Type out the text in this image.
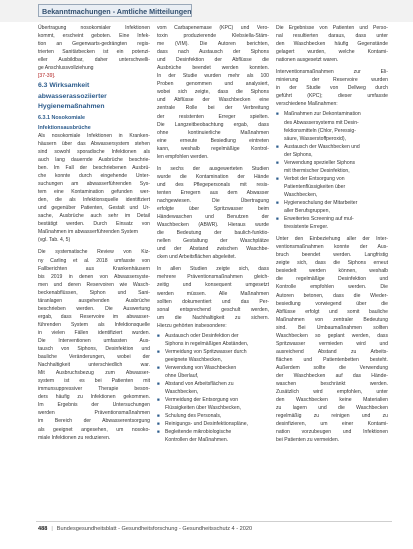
Bekanntmachungen - Amtliche Mitteilungen

Übertragung nosokomialer Infektionen

kommt, erscheint geboten. Eine Infek-

tion an Gegenwarts-gedrängten regis-

trierten Sanitärbecken ist ein potenzi-

eller Ausbildbar, daher unterschwelli-

ge Anschlussvollziehung

[37-39].

6.3 Wirksamkeit
abwasserassoziierter
Hygienemaßnahmen
6.3.1 Nosokomiale
Infektionsausbrüche

Als nosokomiale Infektionen in Kranken-

häusern über das Abwassersystem stehen

sind sowohl sporadische Infektionen als

auch lang dauernde Ausbrüche beschrie-

ben. Im Fall der beschriebenen Ausbrü-

che konnte durch eingehende Unter-

suchungen am abwasserführenden Sys-

tem eine Kontamination gefunden wer-

den, die als Infektionsquelle identifiziert

und gegenüber Patienten, Gestalt und Ur-

sache, Ausbrüche auch sehr im Detail

bestätigt werden. Durch Einsatz von

Maßnahmen im abwasserführenden System

(vgl. Tab. 4, 5)

Die systematische Review von Kiz-

ny Carling et al. 2018 umfasste von

Fallberichten aus Krankenhäusern

bis 2019 in denen von Abwassersyste-

men und deren Reservoiren wie Wasch-

beckenabflüssen, Siphon und Sani-

täranlagen ausgehenden Ausbrüche

beschrieben werden. Die Auswertung

ergab, dass Reservoire im abwasser-

führenden System als Infektionsquelle

in vielen Fällen identifiziert wurden.

Die Interventionen umfassten Aus-

tausch von Siphons, Desinfektion und

bauliche Veränderungen, wobei der

Nachhaltigkeit unterschiedlich war.

Mit Ausbruchsbezug zum Abwasser-

system ist es bei Patienten mit

immunsuppressiver Therapie beson-

ders häufig zu Infektionen gekommen.

Im Ergebnis der Untersuchungen

werden Präventionsmaßnahmen

im Bereich der Abwasserentsorgung

als geeignet angesehen, um nosoko-

miale Infektionen zu reduzieren.

vom Carbapenemase (KPC) und Vero-

toxin produzierende Klebsiella-Stäm-

me (VIM). Die Autoren berichten,

dass nach Austausch der Siphons

und Desinfektion der Abflüsse die

Ausbrüche beendet werden konnten.

In der Studie wurden mehr als 100

Proben genommen und analysiert,

wobei sich zeigte, dass die Siphons

und Abflüsse der Waschbecken eine

zentrale Rolle bei der Verbreitung

der resistenten Erreger spielten.

Die Langzeitbeobachtung ergab, dass

ohne kontinuierliche Maßnahmen

eine erneute Besiedlung eintreten

kann, weshalb regelmäßige Kontrol-

len empfohlen werden.

In sechs der ausgewerteten Studien

wurde die Kontamination der Hände

und des Pflegepersonals mit resis-

tenten Erregern aus dem Abwasser

nachgewiesen. Die Übertragung

erfolgte über Spritzwasser beim

Händewaschen und Benutzen der

Waschbecken (ABWR). Hieraus wurde

die Bedeutung der baulich-funktio-

nellen Gestaltung der Waschplätze

und der Abstand zwischen Waschbe-

cken und Arbeitsflächen abgeleitet.

In allen Studien zeigte sich, dass

mehrere Präventionsmaßnahmen gleich-

zeitig und konsequent umgesetzt

werden müssen. Alle Maßnahmen

sollten dokumentiert und das Per-

sonal entsprechend geschult werden,

um die Nachhaltigkeit zu sichern.

Hierzu gehörten insbesondere:

■ Austausch oder Desinfektion der
Siphons in regelmäßigen Abständen,
■ Vermeidung von Spritzwasser durch
geeignete Waschbecken,
■ Verwendung von Waschbecken
ohne Überlauf,
■ Abstand von Arbeitsflächen zu
Waschbecken,
■ Vermeidung der Entsorgung von
Flüssigkeiten über Waschbecken,
■ Schulung des Personals,
■ Reinigungs- und Desinfektionspläne,
■ Begleitende mikrobiologische
Kontrollen der Maßnahmen.

Die Ergebnisse von Patienten und Perso-

nal resultierten daraus, dass unter

den Waschbecken häufig Gegenstände

gelagert wurden, welche Kontami-

nationen ausgesetzt waren.

Interventionsmaßnahmen zur Eli-

minierung der Reservoire wurden

in der Studie von Dellweg durch

geführt (KPC); dieser umfasste

verschiedene Maßnahmen:

■ Maßnahmen zur Dekontamination
des Abwassersystems mit Desin-
fektionsmitteln (Chlor, Peressig-
säure, Wasserstoffperoxid),
■ Austausch der Waschbecken und
der Siphons,
■ Verwendung spezieller Siphons
mit thermischer Desinfektion,
■ Verbot der Entsorgung von
Patientenflüssigkeiten über
Waschbecken,
■ Hygieneschulung der Mitarbeiter
aller Berufsgruppen,
■ Erweitertes Screening auf mul-
tiresistente Erreger.

Unter den Einbeziehung aller der Inter-

ventionsmaßnahmen konnte der Aus-

bruch beendet werden. Langfristig

zeigte sich, dass die Siphons erneut

besiedelt werden können, weshalb

die regelmäßige Desinfektion und

Kontrolle empfohlen werden. Die

Autoren betonen, dass die Wieder-

besiedlung vorwiegend über die

Abflüsse erfolgt und somit bauliche

Maßnahmen von zentraler Bedeutung

sind. Bei Umbaumaßnahmen sollten

Waschbecken so geplant werden, dass

Spritzwasser vermieden wird und

ausreichend Abstand zu Arbeits-

flächen und Patientenbetten besteht.

Außerdem sollte die Verwendung

der Waschbecken auf das Hände-

waschen beschränkt werden.

Zusätzlich wird empfohlen, unter

den Waschbecken keine Materialien

zu lagern und die Waschbecken

regelmäßig zu reinigen und zu

desinfizieren, um einer Kontami-

nation vorzubeugen und Infektionen

bei Patienten zu vermeiden.

488 | Bundesgesundheitsblatt - Gesundheitsforschung - Gesundheitsschutz 4 - 2020
